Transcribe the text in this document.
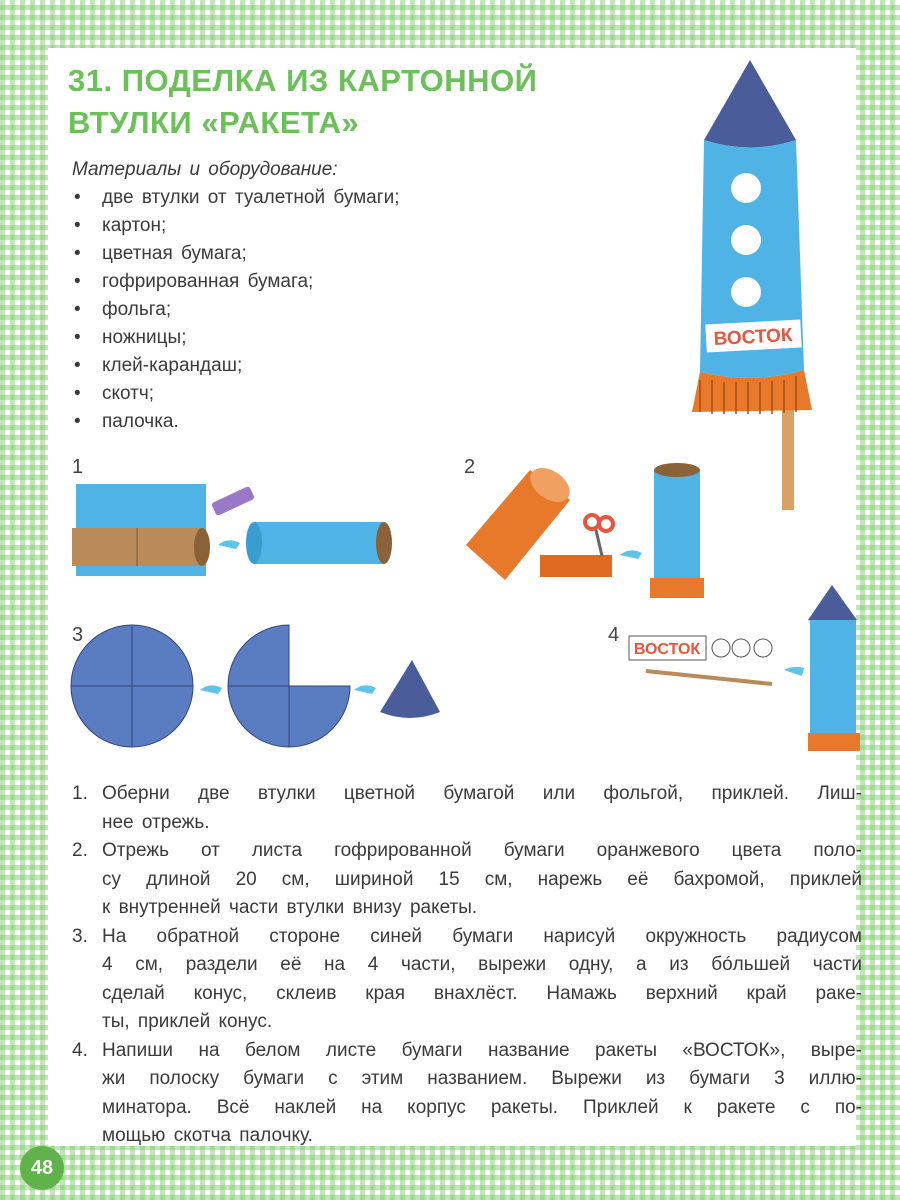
31. ПОДЕЛКА ИЗ КАРТОННОЙ
ВТУЛКИ «РАКЕТА»
Материалы и оборудование:
• две втулки от туалетной бумаги;
• картон;
• цветная бумага;
• гофрированная бумага;
• фольга;
• ножницы;
• клей-карандаш;
• скотч;
• палочка.
ВОСТОК
ВОСТОК
1	2
3	4
1. Оберни две втулки цветной бумагой или фольгой, приклей. Лиш-
нее отрежь.
2. Отрежь от листа гофрированной бумаги оранжевого цвета поло-
су длиной 20 см, шириной 15 см, нарежь её бахромой, приклей
к внутренней части втулки внизу ракеты.
3. На обратной стороне синей бумаги нарисуй окружность радиусом
4 см, раздели её на 4 части, вырежи одну, а из бóльшей части
сделай конус, склеив края внахлёст. Намажь верхний край раке-
ты, приклей конус.
4. Напиши на белом листе бумаги название ракеты «ВОСТОК», выре-
жи полоску бумаги с этим названием. Вырежи из бумаги 3 иллю-
минатора. Всё наклей на корпус ракеты. Приклей к ракете с по-
мощью скотча палочку.
48
